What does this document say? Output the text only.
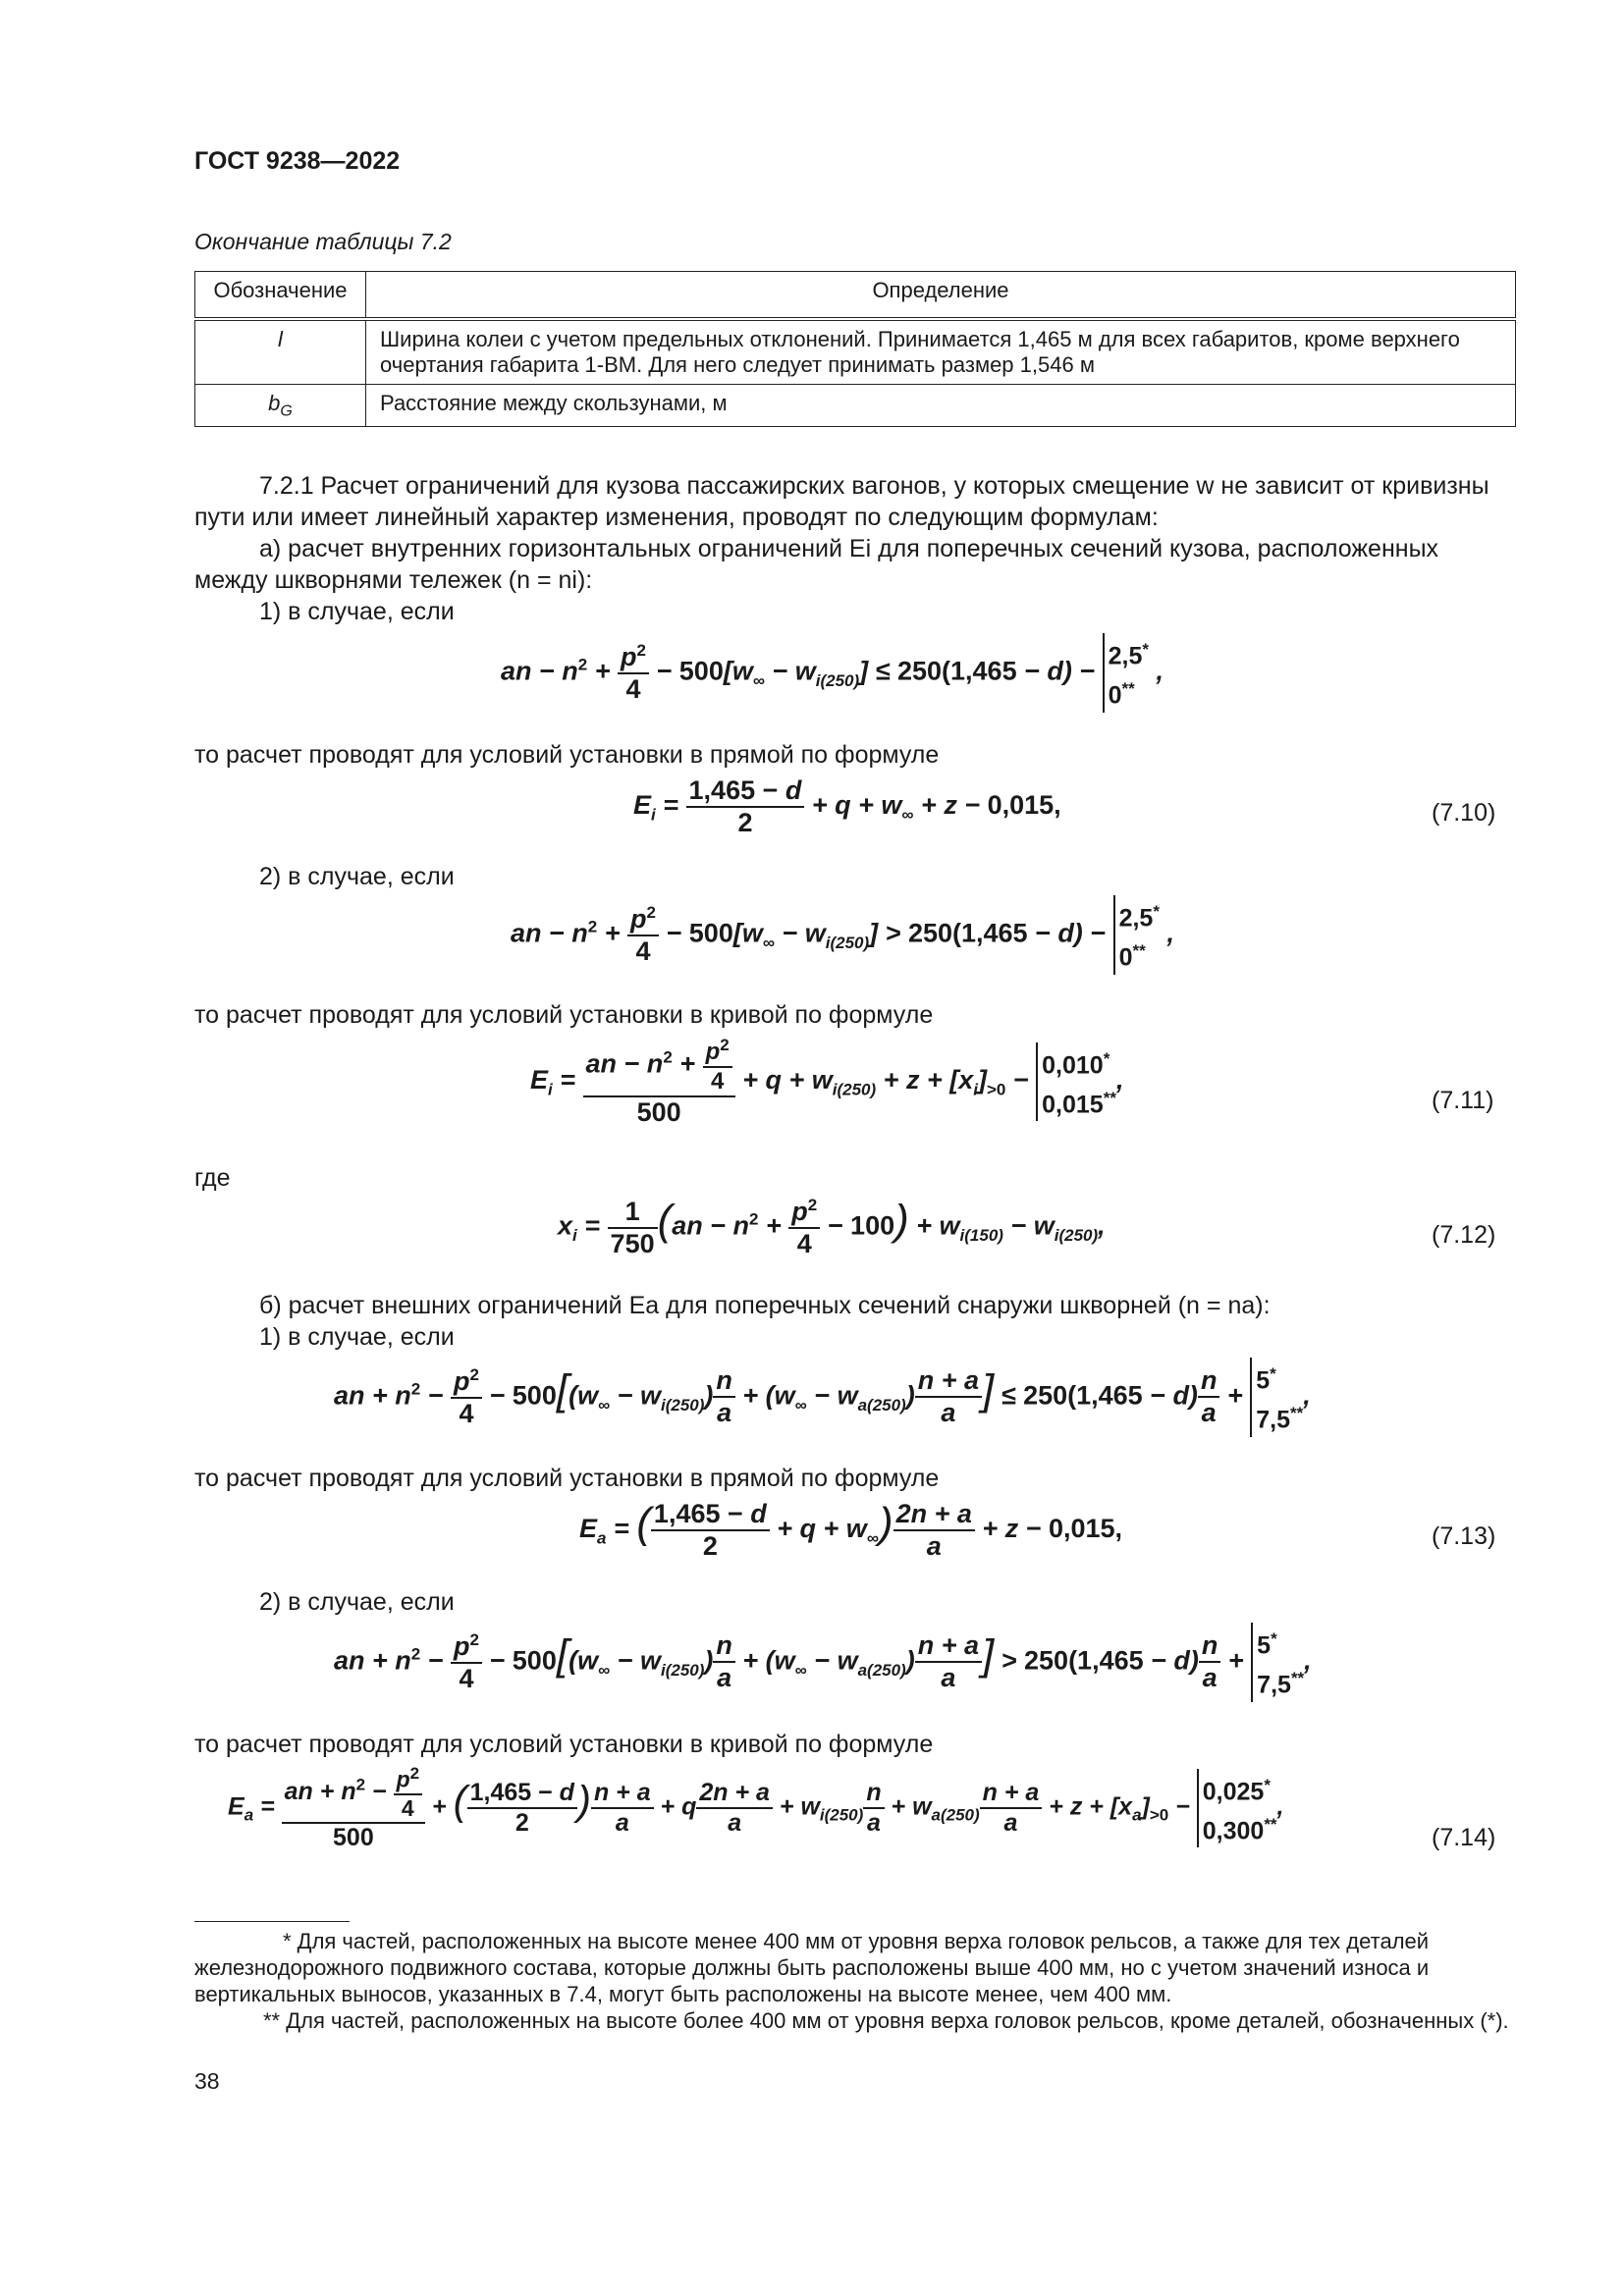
ГОСТ 9238—2022
Окончание таблицы 7.2
Обозначение	Определение
l	Ширина колеи с учетом предельных отклонений. Принимается 1,465 м для всех габаритов, кроме верхнего очертания габарита 1-ВМ. Для него следует принимать размер 1,546 м
$b_G$	Расстояние между скользунами, м
7.2.1 Расчет ограничений для кузова пассажирских вагонов, у которых смещение w не зависит от кривизны пути или имеет линейный характер изменения, проводят по следующим формулам:
а) расчет внутренних горизонтальных ограничений Ei для поперечных сечений кузова, расположенных между шкворнями тележек (n = ni):
1) в случае, если
an − $n^2 + \frac{p^2}{4} - 500[w_\infty - w_{i(250)}] \le 250(1,465 - d) - 2,5^*$
0** ,
то расчет проводят для условий установки в прямой по формуле
$E_i = \frac{1,465 - d}{2} + q + w_\infty + z - 0,015$,	(7.10)
2) в случае, если
an − $n^2 + \frac{p^2}{4} - 500[w_\infty - w_{i(250)}] > 250(1,465 - d) - 2,5^*$
0** ,
то расчет проводят для условий установки в кривой по формуле
$E_i = \frac{an - n^2 + \frac{p^2}{4}}{500} + q + w_{i(250)} + z + [x_i]_{>0} - 0,010^*$
0,015**,
(7.11)
где
$x_i = \frac{1}{750} (an - n^2 + \frac{p^2}{4} - 100) + w_{i(150)} - w_{i(250)}$,	(7.12)
б) расчет внешних ограничений Ea для поперечных сечений снаружи шкворней (n = na):
1) в случае, если
an + $n^2 - \frac{p^2}{4} - 500[(w_\infty - w_{i(250)}) \frac{n}{a} + (w_\infty - w_{a(250)}) \frac{n + a}{a}$ ] ≤ $250(1,465 - d) \frac{n}{a} + 5^*$
7,5**,
то расчет проводят для условий установки в прямой по формуле
$E_a$ = ( $\frac{1,465 - d}{2} + q + w_\infty) \frac{2n + a}{a} + z - 0,015$,	(7.13)
2) в случае, если
an + $n^2 - \frac{p^2}{4} - 500[(w_\infty - w_{i(250)}) \frac{n}{a} + (w_\infty - w_{a(250)}) \frac{n + a}{a}$ ] > $250(1,465 - d) \frac{n}{a} + 5^*$
7,5**,
то расчет проводят для условий установки в кривой по формуле
$E_a = \frac{an + n^2 - \frac{p^2}{4}}{500}$ + ( $\frac{1,465 - d}{2}$ ) $\frac{n + a}{a} + q \frac{2n + a}{a} + w_{i(250)} \frac{n}{a} + w_{a(250)} \frac{n + a}{a} + z + [x_a]_{>0} - 0,025^*$
0,300**,
(7.14)
* Для частей, расположенных на высоте менее 400 мм от уровня верха головок рельсов, а также для тех деталей железнодорожного подвижного состава, которые должны быть расположены выше 400 мм, но с учетом значений износа и вертикальных выносов, указанных в 7.4, могут быть расположены на высоте менее, чем 400 мм.
** Для частей, расположенных на высоте более 400 мм от уровня верха головок рельсов, кроме деталей, обозначенных (*).
38
